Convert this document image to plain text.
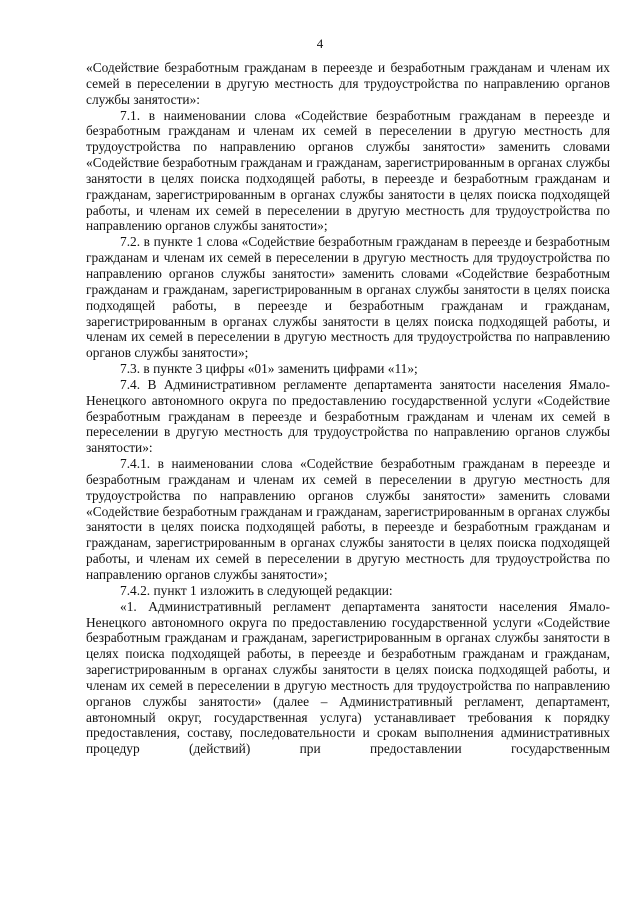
4

«Содействие безработным гражданам в переезде и безработным гражданам и членам их семей в переселении в другую местность для трудоустройства по направлению органов службы занятости»:

7.1. в наименовании слова «Содействие безработным гражданам в переезде и безработным гражданам и членам их семей в переселении в другую местность для трудоустройства по направлению органов службы занятости» заменить словами «Содействие безработным гражданам и гражданам, зарегистрированным в органах службы занятости в целях поиска подходящей работы, в переезде и безработным гражданам и гражданам, зарегистрированным в органах службы занятости в целях поиска подходящей работы, и членам их семей в переселении в другую местность для трудоустройства по направлению органов службы занятости»;

7.2. в пункте 1 слова «Содействие безработным гражданам в переезде и безработным гражданам и членам их семей в переселении в другую местность для трудоустройства по направлению органов службы занятости» заменить словами «Содействие безработным гражданам и гражданам, зарегистрированным в органах службы занятости в целях поиска подходящей работы, в переезде и безработным гражданам и гражданам, зарегистрированным в органах службы занятости в целях поиска подходящей работы, и членам их семей в переселении в другую местность для трудоустройства по направлению органов службы занятости»;

7.3. в пункте 3 цифры «01» заменить цифрами «11»;

7.4. В Административном регламенте департамента занятости населения Ямало-Ненецкого автономного округа по предоставлению государственной услуги «Содействие безработным гражданам в переезде и безработным гражданам и членам их семей в переселении в другую местность для трудоустройства по направлению органов службы занятости»:

7.4.1. в наименовании слова «Содействие безработным гражданам в переезде и безработным гражданам и членам их семей в переселении в другую местность для трудоустройства по направлению органов службы занятости» заменить словами «Содействие безработным гражданам и гражданам, зарегистрированным в органах службы занятости в целях поиска подходящей работы, в переезде и безработным гражданам и гражданам, зарегистрированным в органах службы занятости в целях поиска подходящей работы, и членам их семей в переселении в другую местность для трудоустройства по направлению органов службы занятости»;

7.4.2. пункт 1 изложить в следующей редакции:

«1. Административный регламент департамента занятости населения Ямало-Ненецкого автономного округа по предоставлению государственной услуги «Содействие безработным гражданам и гражданам, зарегистрированным в органах службы занятости в целях поиска подходящей работы, в переезде и безработным гражданам и гражданам, зарегистрированным в органах службы занятости в целях поиска подходящей работы, и членам их семей в переселении в другую местность для трудоустройства по направлению органов службы занятости» (далее – Административный регламент, департамент, автономный округ, государственная услуга) устанавливает требования к порядку предоставления, составу, последовательности и срокам выполнения административных процедур (действий) при предоставлении государственным
